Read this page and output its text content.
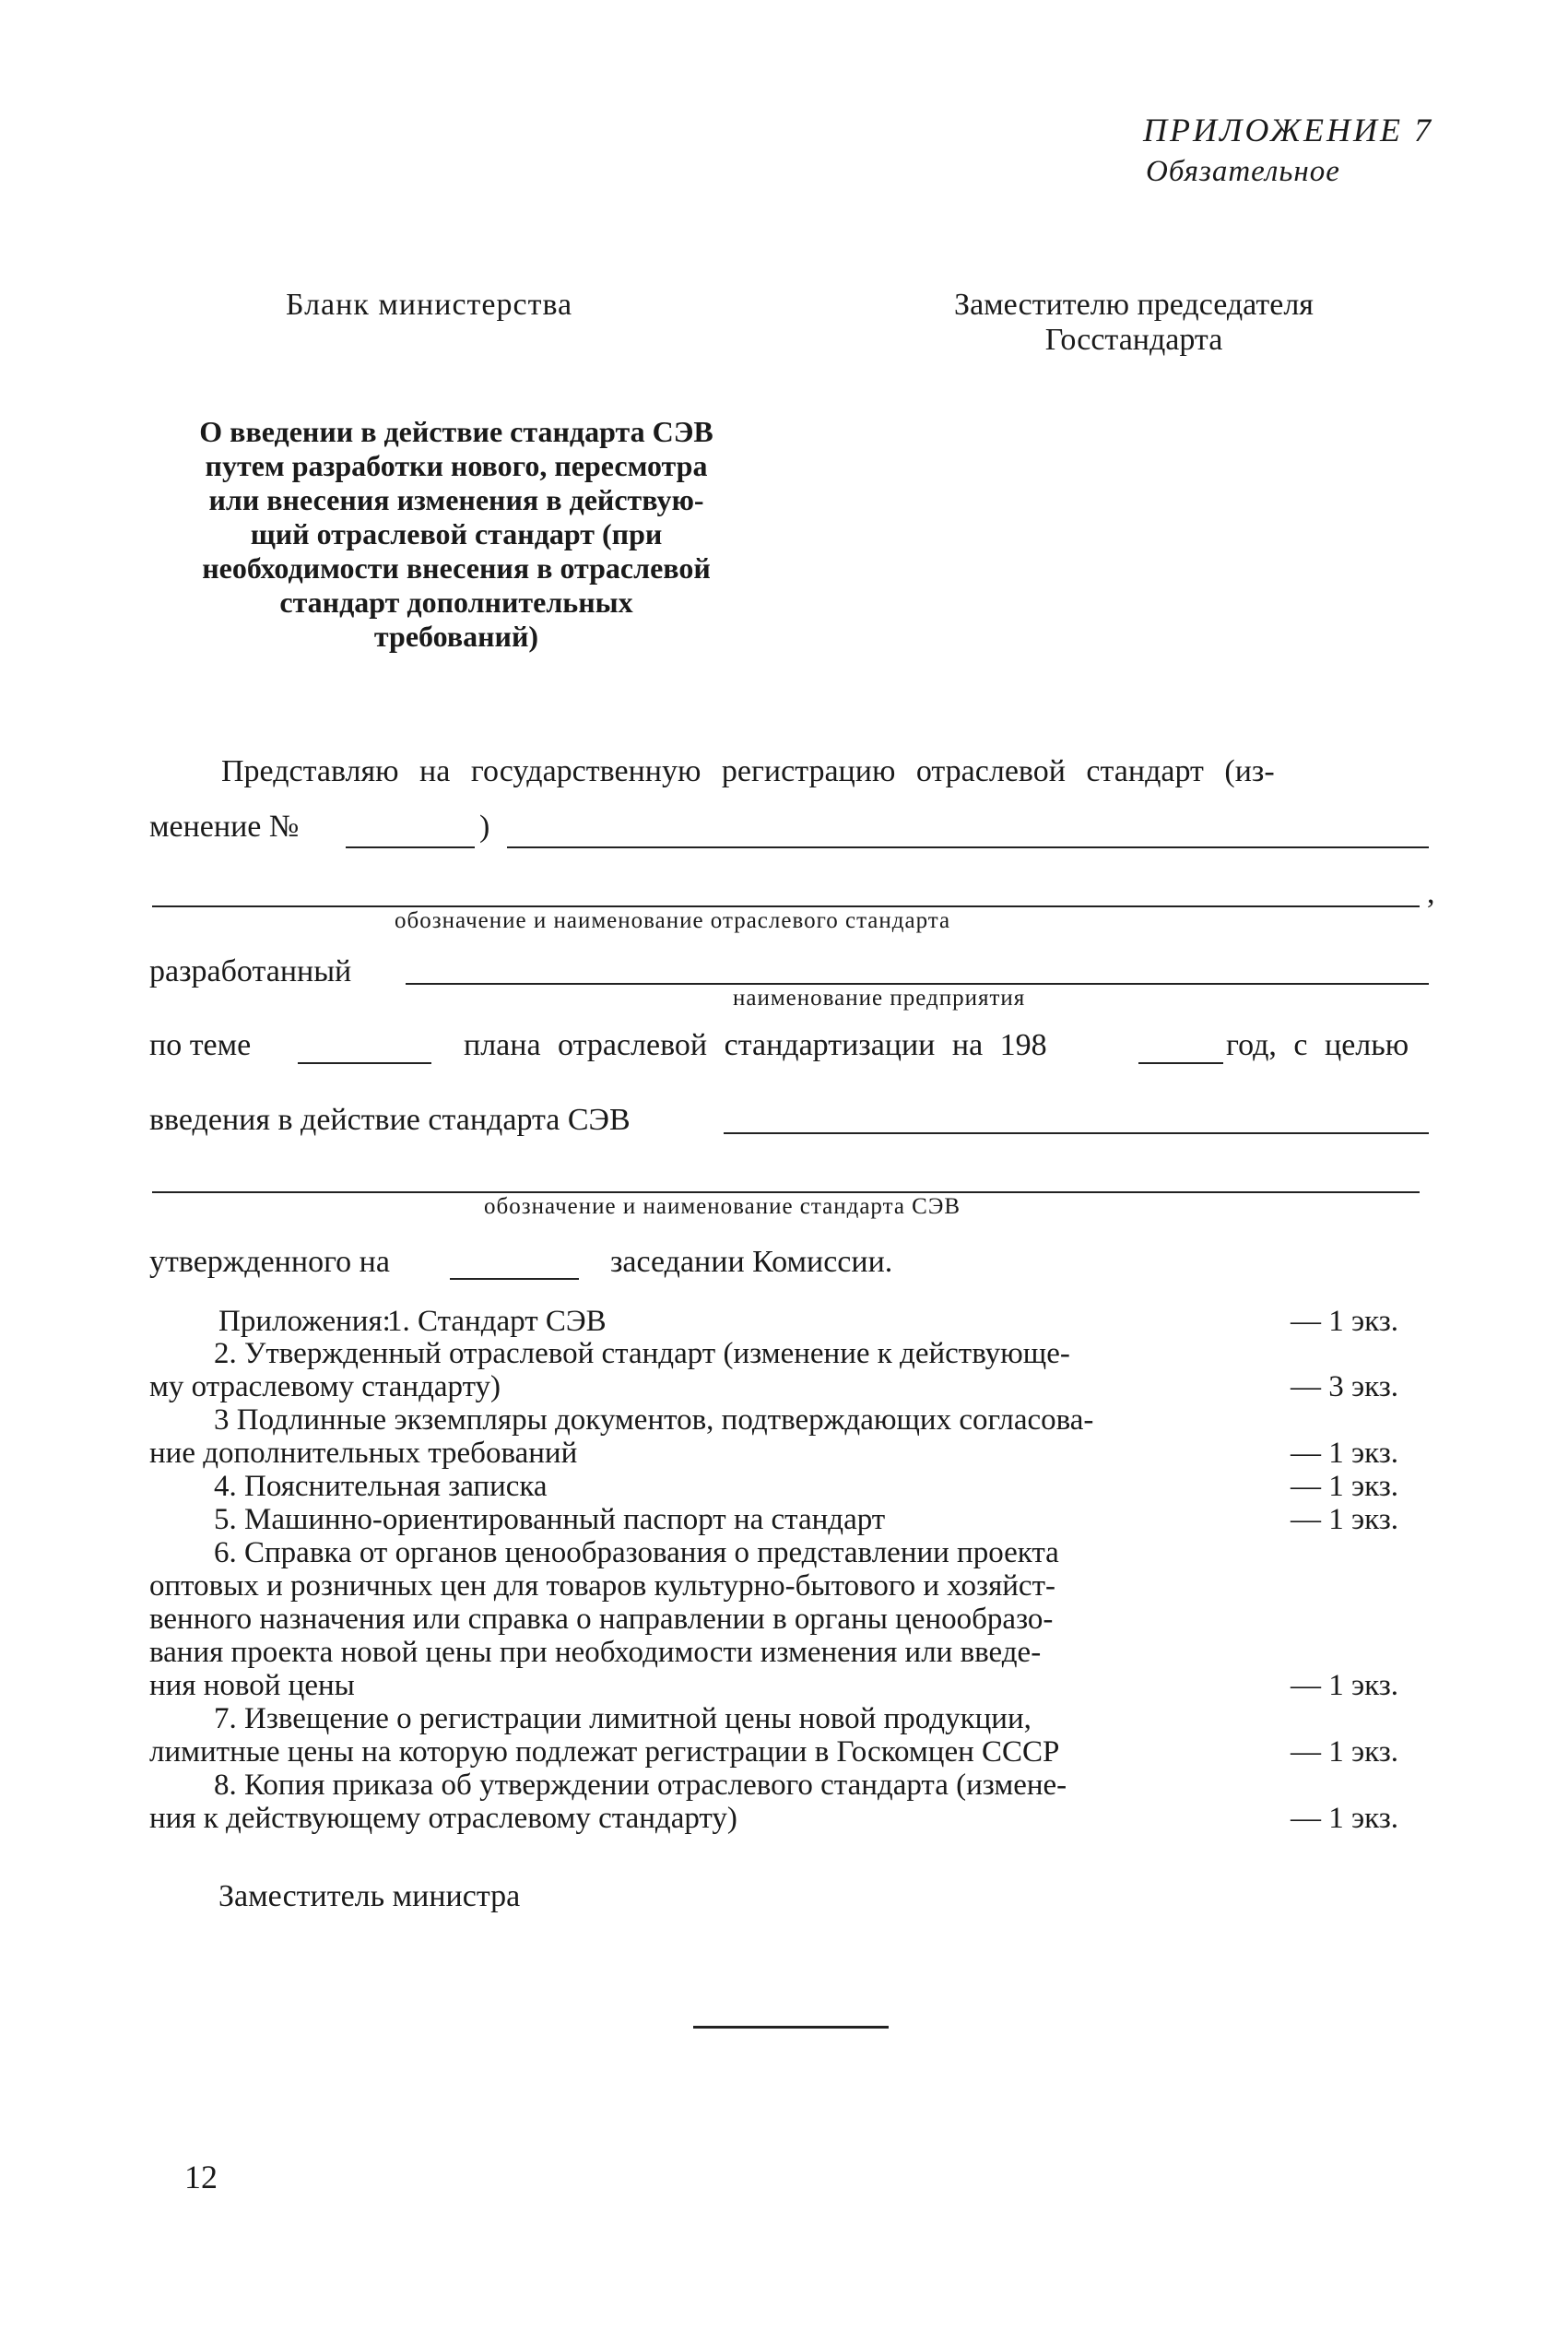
ПРИЛОЖЕНИЕ 7
Обязательное
Бланк министерства	Заместителю председателя
Госстандарта
О введении в действие стандарта СЭВ
путем разработки нового, пересмотра
или внесения изменения в действую-
щий отраслевой стандарт (при
необходимости внесения в отраслевой
стандарт дополнительных
требований)
Представляю на государственную регистрацию отраслевой стандарт (из-
менение №	)
,
обозначение и наименование отраслевого стандарта
разработанный
наименование предприятия
по теме	плана отраслевой стандартизации на 198	год, с целью
введения в действие стандарта СЭВ
обозначение и наименование стандарта СЭВ
утвержденного на	заседании Комиссии.
Приложения:
1. Стандарт СЭВ	— 1 экз.
2. Утвержденный отраслевой стандарт (изменение к действующе-
му отраслевому стандарту)	— 3 экз.
3 Подлинные экземпляры документов, подтверждающих согласова-
ние дополнительных требований	— 1 экз.
4. Пояснительная записка	— 1 экз.
5. Машинно-ориентированный паспорт на стандарт	— 1 экз.
6. Справка от органов ценообразования о представлении проекта
оптовых и розничных цен для товаров культурно-бытового и хозяйст-
венного назначения или справка о направлении в органы ценообразо-
вания проекта новой цены при необходимости изменения или введе-
ния новой цены	— 1 экз.
7. Извещение о регистрации лимитной цены новой продукции,
лимитные цены на которую подлежат регистрации в Госкомцен СССР	— 1 экз.
8. Копия приказа об утверждении отраслевого стандарта (измене-
ния к действующему отраслевому стандарту)	— 1 экз.
Заместитель министра
12
